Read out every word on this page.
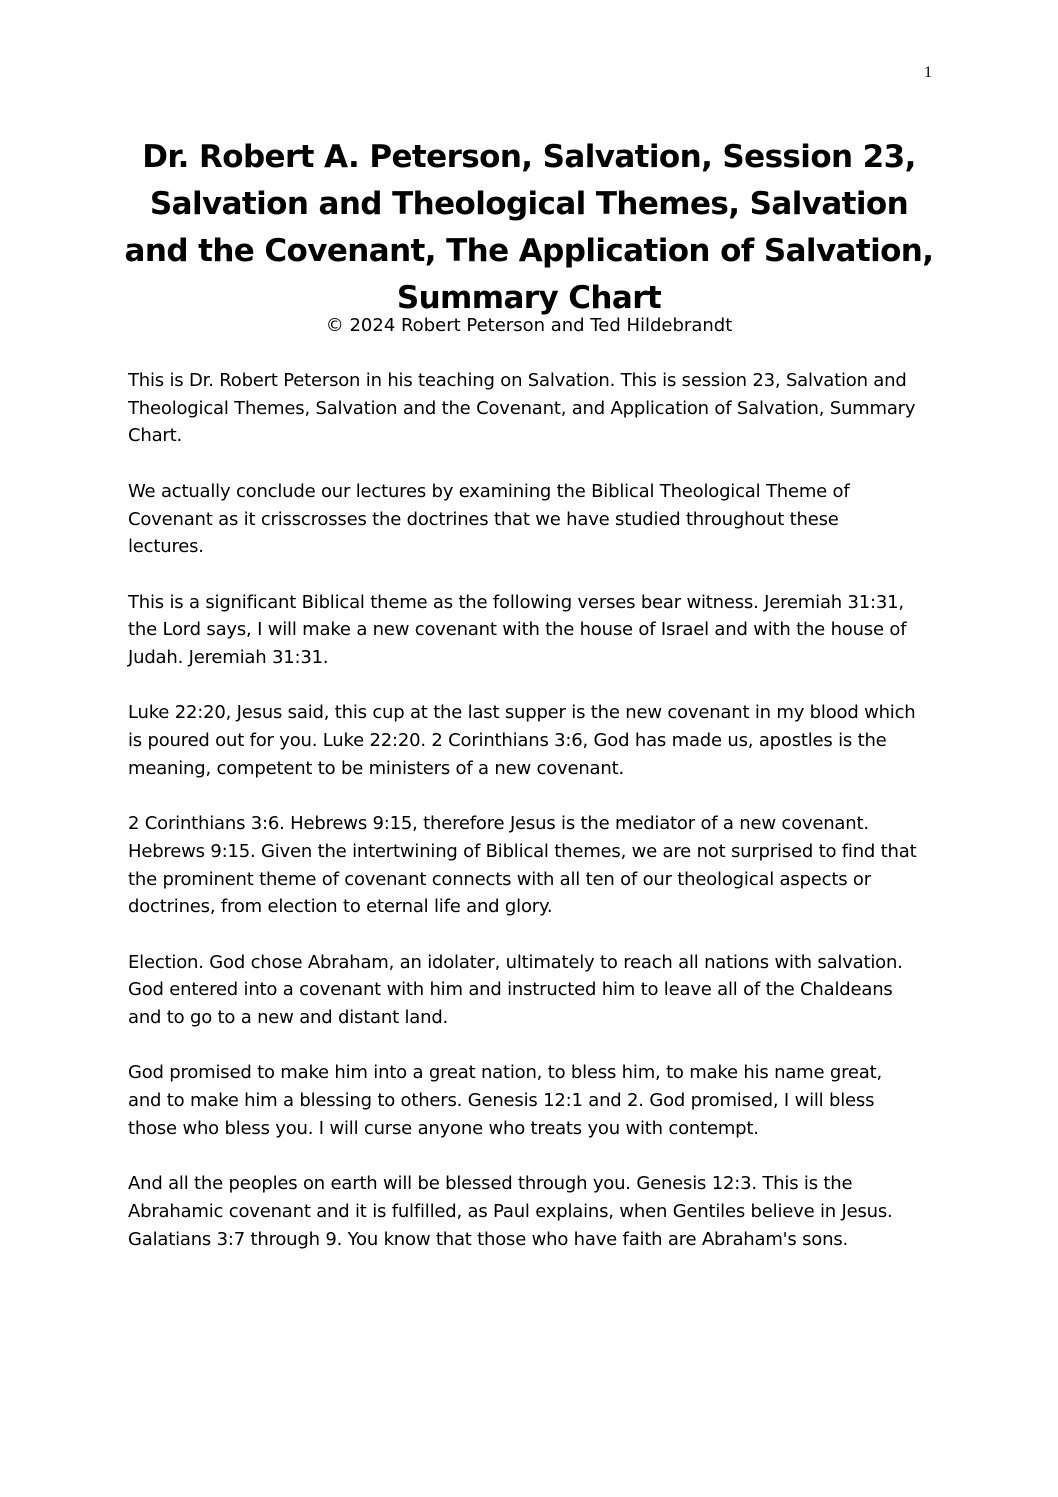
1
Dr. Robert A. Peterson, Salvation, Session 23, Salvation and Theological Themes, Salvation and the Covenant, The Application of Salvation, Summary Chart
© 2024 Robert Peterson and Ted Hildebrandt

This is Dr. Robert Peterson in his teaching on Salvation. This is session 23, Salvation and Theological Themes, Salvation and the Covenant, and Application of Salvation, Summary Chart.

We actually conclude our lectures by examining the Biblical Theological Theme of Covenant as it crisscrosses the doctrines that we have studied throughout these lectures.

This is a significant Biblical theme as the following verses bear witness. Jeremiah 31:31, the Lord says, I will make a new covenant with the house of Israel and with the house of Judah. Jeremiah 31:31.

Luke 22:20, Jesus said, this cup at the last supper is the new covenant in my blood which is poured out for you. Luke 22:20. 2 Corinthians 3:6, God has made us, apostles is the meaning, competent to be ministers of a new covenant.

2 Corinthians 3:6. Hebrews 9:15, therefore Jesus is the mediator of a new covenant. Hebrews 9:15. Given the intertwining of Biblical themes, we are not surprised to find that the prominent theme of covenant connects with all ten of our theological aspects or doctrines, from election to eternal life and glory.

Election. God chose Abraham, an idolater, ultimately to reach all nations with salvation. God entered into a covenant with him and instructed him to leave all of the Chaldeans and to go to a new and distant land.

God promised to make him into a great nation, to bless him, to make his name great, and to make him a blessing to others. Genesis 12:1 and 2. God promised, I will bless those who bless you. I will curse anyone who treats you with contempt.

And all the peoples on earth will be blessed through you. Genesis 12:3. This is the Abrahamic covenant and it is fulfilled, as Paul explains, when Gentiles believe in Jesus. Galatians 3:7 through 9. You know that those who have faith are Abraham's sons.
